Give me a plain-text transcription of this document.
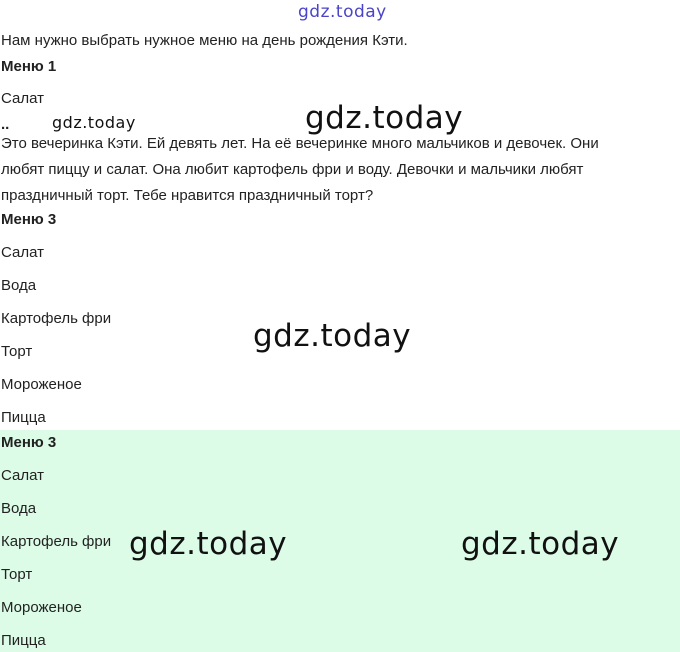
gdz.today
Нам нужно выбрать нужное меню на день рождения Кэти.
Меню 1
Салат
..	gdz.today	gdz.today
Это вечеринка Кэти. Ей девять лет. На её вечеринке много мальчиков и девочек. Они
любят пиццу и салат. Она любит картофель фри и воду. Девочки и мальчики любят
праздничный торт. Тебе нравится праздничный торт?
Меню 3
Салат
Вода
Картофель фри
Торт
Мороженое
Пицца
gdz.today
Меню 3
Салат
Вода
Картофель фри
Торт
Мороженое
Пицца
gdz.today	gdz.today
